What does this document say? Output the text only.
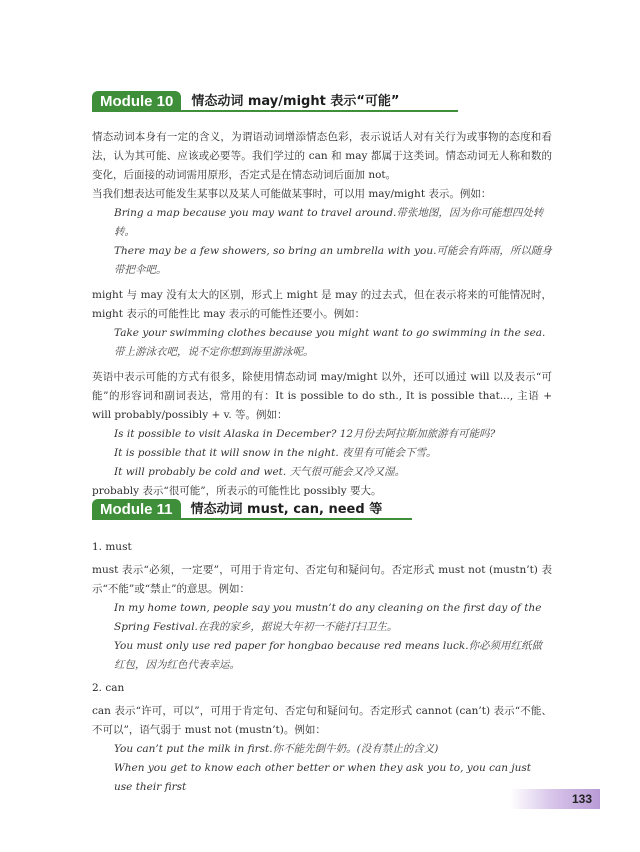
Module 10	情态动词 may/might 表示“可能”

情态动词本身有一定的含义，为谓语动词增添情态色彩，表示说话人对有关行为或事物的态度和看法，认为其可能、应该或必要等。我们学过的 can 和 may 都属于这类词。情态动词无人称和数的变化，后面接的动词需用原形，否定式是在情态动词后面加 not。

当我们想表达可能发生某事以及某人可能做某事时，可以用 may/might 表示。例如：

Bring a map because you may want to travel around.带张地图，因为你可能想四处转转。
There may be a few showers, so bring an umbrella with you.可能会有阵雨，所以随身带把伞吧。

might 与 may 没有太大的区别，形式上 might 是 may 的过去式，但在表示将来的可能情况时，might 表示的可能性比 may 表示的可能性还要小。例如：

Take your swimming clothes because you might want to go swimming in the sea.带上游泳衣吧，说不定你想到海里游泳呢。

英语中表示可能的方式有很多，除使用情态动词 may/might 以外，还可以通过 will 以及表示“可能”的形容词和副词表达，常用的有：It is possible to do sth., It is possible that..., 主语 + will probably/possibly + v. 等。例如：

Is it possible to visit Alaska in December? 12月份去阿拉斯加旅游有可能吗?
It is possible that it will snow in the night. 夜里有可能会下雪。
It will probably be cold and wet. 天气很可能会又冷又湿。

probably 表示“很可能”，所表示的可能性比 possibly 要大。

Module 11	情态动词 must, can, need 等

1. must

must 表示“必须，一定要”，可用于肯定句、否定句和疑问句。否定形式 must not (mustn’t) 表示“不能”或“禁止”的意思。例如：

In my home town, people say you mustn’t do any cleaning on the first day of the Spring Festival.在我的家乡，据说大年初一不能打扫卫生。
You must only use red paper for hongbao because red means luck.你必须用红纸做红包，因为红色代表幸运。

2. can

can 表示“许可，可以”，可用于肯定句、否定句和疑问句。否定形式 cannot (can’t) 表示“不能、不可以”，语气弱于 must not (mustn’t)。例如：

You can’t put the milk in first.你不能先倒牛奶。(没有禁止的含义)
When you get to know each other better or when they ask you to, you can just use their first
133
